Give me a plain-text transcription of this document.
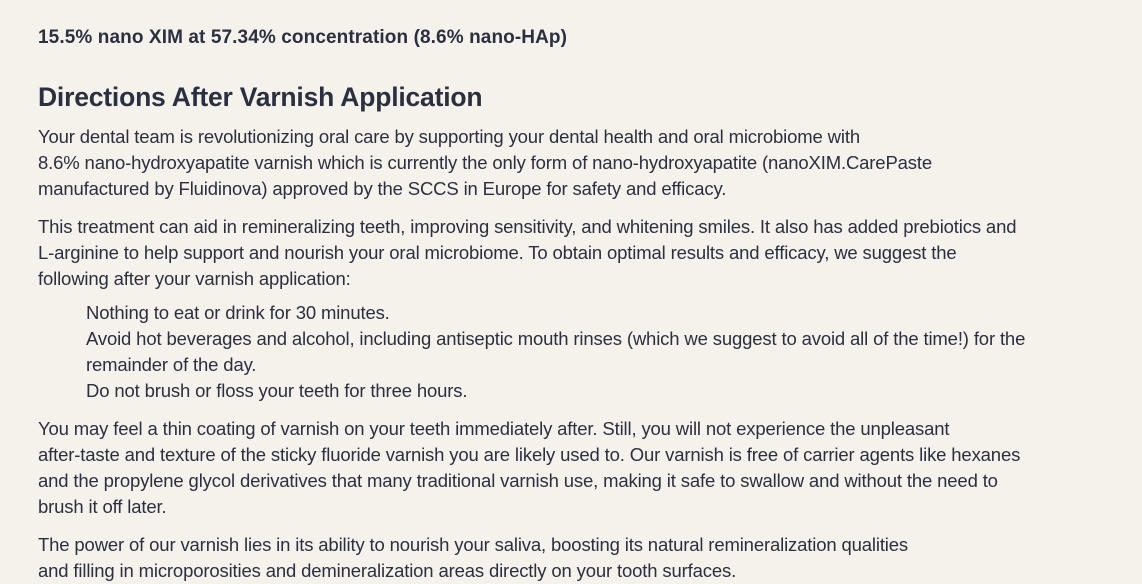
15.5% nano XIM at 57.34% concentration (8.6% nano-HAp)

Directions After Varnish Application

Your dental team is revolutionizing oral care by supporting your dental health and oral microbiome with
8.6% nano-hydroxyapatite varnish which is currently the only form of nano-hydroxyapatite (nanoXIM.CarePaste
manufactured by Fluidinova) approved by the SCCS in Europe for safety and efficacy.

This treatment can aid in remineralizing teeth, improving sensitivity, and whitening smiles. It also has added prebiotics and
L-arginine to help support and nourish your oral microbiome. To obtain optimal results and efficacy, we suggest the
following after your varnish application:

Nothing to eat or drink for 30 minutes.
Avoid hot beverages and alcohol, including antiseptic mouth rinses (which we suggest to avoid all of the time!) for the
remainder of the day.
Do not brush or floss your teeth for three hours.

You may feel a thin coating of varnish on your teeth immediately after. Still, you will not experience the unpleasant
after-taste and texture of the sticky fluoride varnish you are likely used to. Our varnish is free of carrier agents like hexanes
and the propylene glycol derivatives that many traditional varnish use, making it safe to swallow and without the need to
brush it off later.

The power of our varnish lies in its ability to nourish your saliva, boosting its natural remineralization qualities
and filling in microporosities and demineralization areas directly on your tooth surfaces.
